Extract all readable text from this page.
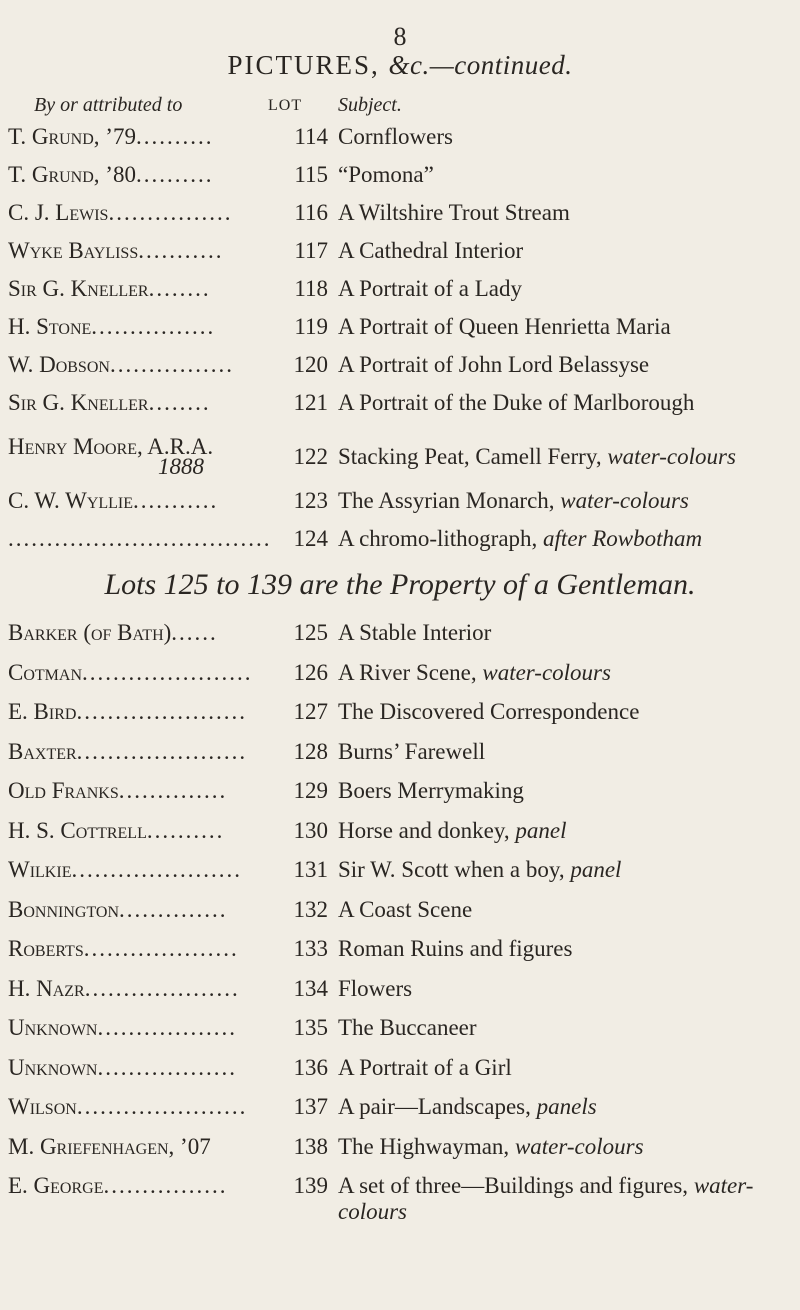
8
PICTURES, &c.—continued.
By or attributed to	LOT Subject.
T. Grund, ’79..........	114 Cornflowers
T. Grund, ’80..........	115 “Pomona”
C. J. Lewis................	116 A Wiltshire Trout Stream
Wyke Bayliss...........	117 A Cathedral Interior
Sir G. Kneller........	118 A Portrait of a Lady
H. Stone................	119 A Portrait of Queen Henrietta Maria
W. Dobson................	120 A Portrait of John Lord Belassyse
Sir G. Kneller........	121 A Portrait of the Duke of Marlborough
Henry Moore, A.R.A.
1888	122 Stacking Peat, Camell Ferry, water-colours
C. W. Wyllie...........	123 The Assyrian Monarch, water-colours
.................................. 124 A chromo-lithograph, after Rowbotham
Lots 125 to 139 are the Property of a Gentleman.
Barker (of Bath)......	125 A Stable Interior
Cotman......................	126 A River Scene, water-colours
E. Bird......................	127 The Discovered Correspondence
Baxter......................	128 Burns’ Farewell
Old Franks..............	129 Boers Merrymaking
H. S. Cottrell..........	130 Horse and donkey, panel
Wilkie......................	131 Sir W. Scott when a boy, panel
Bonnington..............	132 A Coast Scene
Roberts....................	133 Roman Ruins and figures
H. Nazr....................	134 Flowers
Unknown..................	135 The Buccaneer
Unknown..................	136 A Portrait of a Girl
Wilson......................	137 A pair—Landscapes, panels
M. Griefenhagen, ’07	138 The Highwayman, water-colours
E. George................	139 A set of three—Buildings and figures, water-colours
